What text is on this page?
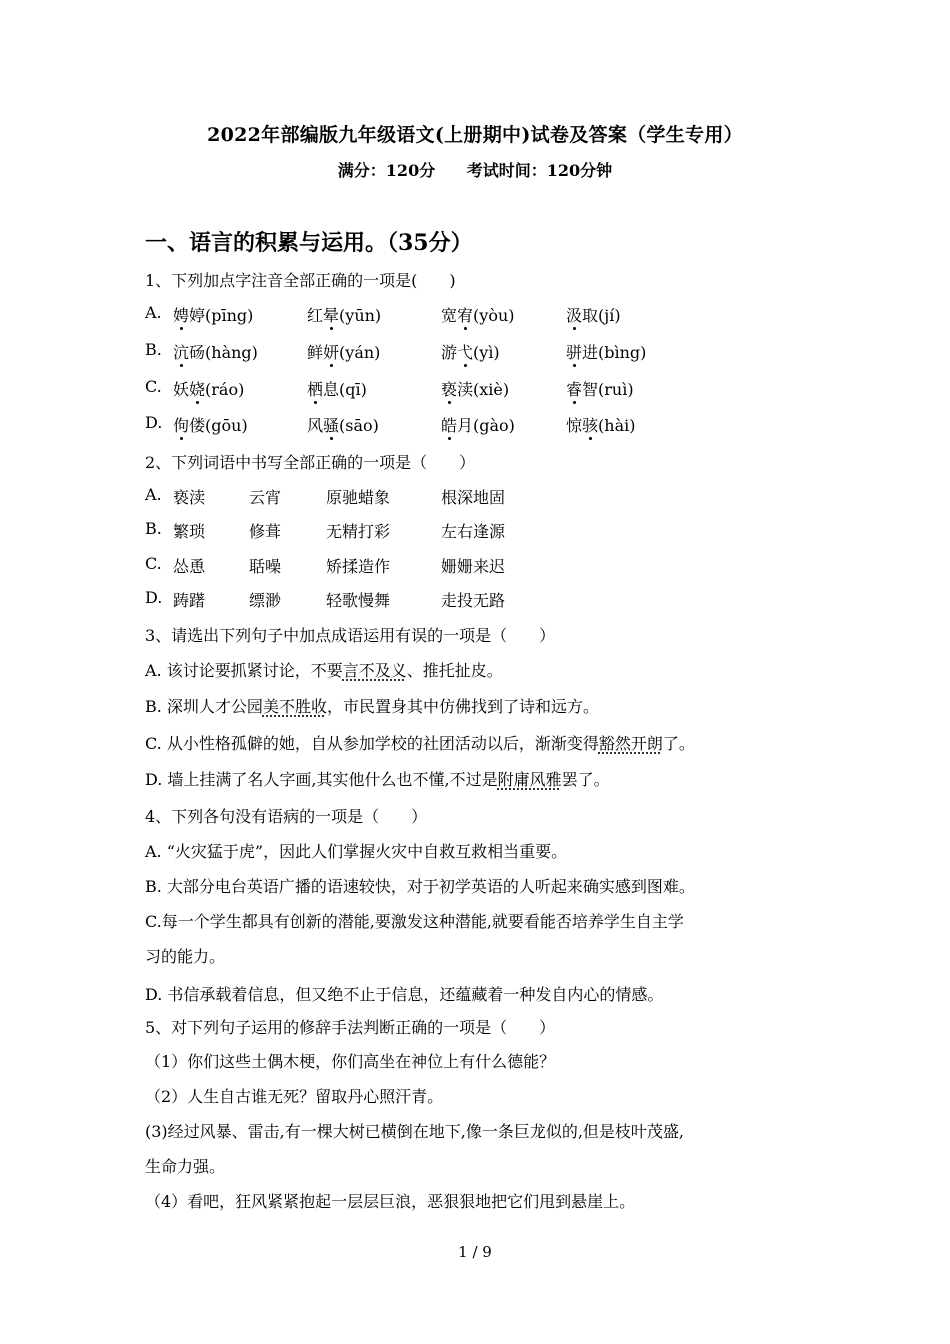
2022年部编版九年级语文(上册期中)试卷及答案（学生专用）
满分：120分 考试时间：120分钟
一、语言的积累与运用。（35分）
1、下列加点字注音全部正确的一项是(　　)
A. 娉婷(pīng)	红晕(yūn)	宽宥(yòu)	汲取(jí)
B. 沆砀(hàng)	鲜妍(yán)	游弋(yì)	骈进(bìng)
C. 妖娆(ráo)	栖息(qī)	亵渎(xiè)	睿智(ruì)
D. 佝偻(gōu)	风骚(sāo)	皓月(gào)	惊骇(hài)
2、下列词语中书写全部正确的一项是（　　）
A. 亵渎	云宵	原驰蜡象	根深地固
B. 繁琐	修葺	无精打彩	左右逢源
C. 怂恿	聒噪	矫揉造作	姗姗来迟
D. 踌躇	缥渺	轻歌慢舞	走投无路
3、请选出下列句子中加点成语运用有误的一项是（　　）
A. 该讨论要抓紧讨论，不要言不及义、推托扯皮。
B. 深圳人才公园美不胜收，市民置身其中仿佛找到了诗和远方。
C. 从小性格孤僻的她，自从参加学校的社团活动以后，渐渐变得豁然开朗了。
D. 墙上挂满了名人字画,其实他什么也不懂,不过是附庸风雅罢了。
4、下列各句没有语病的一项是（　　）
A. “火灾猛于虎”，因此人们掌握火灾中自救互救相当重要。
B. 大部分电台英语广播的语速较快，对于初学英语的人听起来确实感到图难。
C.每一个学生都具有创新的潜能,要激发这种潜能,就要看能否培养学生自主学
习的能力。
D. 书信承载着信息，但又绝不止于信息，还蕴藏着一种发自内心的情感。
5、对下列句子运用的修辞手法判断正确的一项是（　　）
（1）你们这些土偶木梗，你们高坐在神位上有什么德能？
（2）人生自古谁无死？留取丹心照汗青。
(3)经过风暴、雷击,有一棵大树已横倒在地下,像一条巨龙似的,但是枝叶茂盛,
生命力强。
（4）看吧，狂风紧紧抱起一层层巨浪，恶狠狠地把它们甩到悬崖上。
1 / 9
